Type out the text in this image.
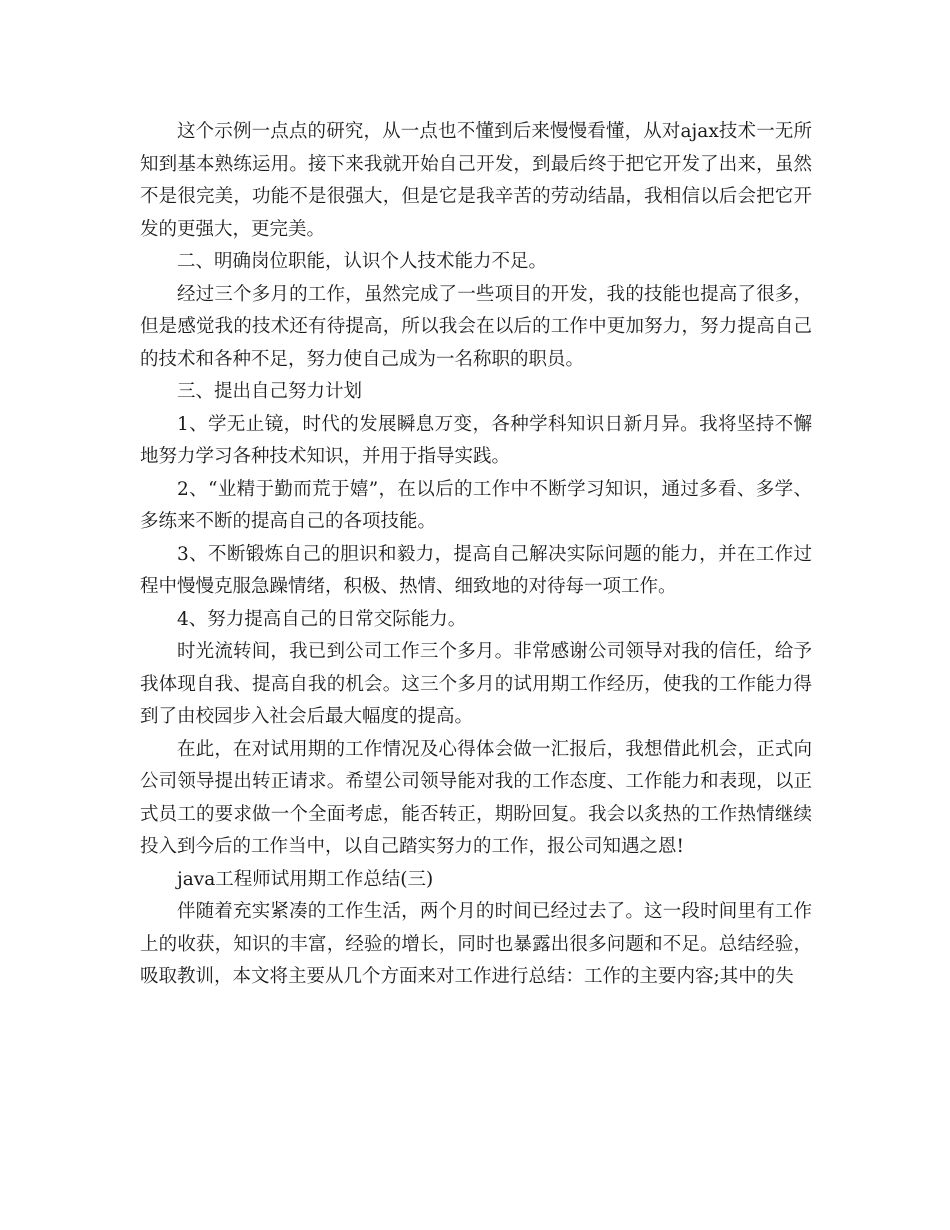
这个示例一点点的研究，从一点也不懂到后来慢慢看懂，从对ajax技术一无所知到基本熟练运用。接下来我就开始自己开发，到最后终于把它开发了出来，虽然不是很完美，功能不是很强大，但是它是我辛苦的劳动结晶，我相信以后会把它开发的更强大，更完美。

二、明确岗位职能，认识个人技术能力不足。

经过三个多月的工作，虽然完成了一些项目的开发，我的技能也提高了很多，但是感觉我的技术还有待提高，所以我会在以后的工作中更加努力，努力提高自己的技术和各种不足，努力使自己成为一名称职的职员。

三、提出自己努力计划

1、学无止镜，时代的发展瞬息万变，各种学科知识日新月异。我将坚持不懈地努力学习各种技术知识，并用于指导实践。

2、“业精于勤而荒于嬉”，在以后的工作中不断学习知识，通过多看、多学、多练来不断的提高自己的各项技能。

3、不断锻炼自己的胆识和毅力，提高自己解决实际问题的能力，并在工作过程中慢慢克服急躁情绪，积极、热情、细致地的对待每一项工作。

4、努力提高自己的日常交际能力。

时光流转间，我已到公司工作三个多月。非常感谢公司领导对我的信任，给予我体现自我、提高自我的机会。这三个多月的试用期工作经历，使我的工作能力得到了由校园步入社会后最大幅度的提高。

在此，在对试用期的工作情况及心得体会做一汇报后，我想借此机会，正式向公司领导提出转正请求。希望公司领导能对我的工作态度、工作能力和表现，以正式员工的要求做一个全面考虑，能否转正，期盼回复。我会以炙热的工作热情继续投入到今后的工作当中，以自己踏实努力的工作，报公司知遇之恩!

java工程师试用期工作总结(三)

伴随着充实紧凑的工作生活，两个月的时间已经过去了。这一段时间里有工作上的收获，知识的丰富，经验的增长，同时也暴露出很多问题和不足。总结经验，吸取教训，本文将主要从几个方面来对工作进行总结：工作的主要内容;其中的失
